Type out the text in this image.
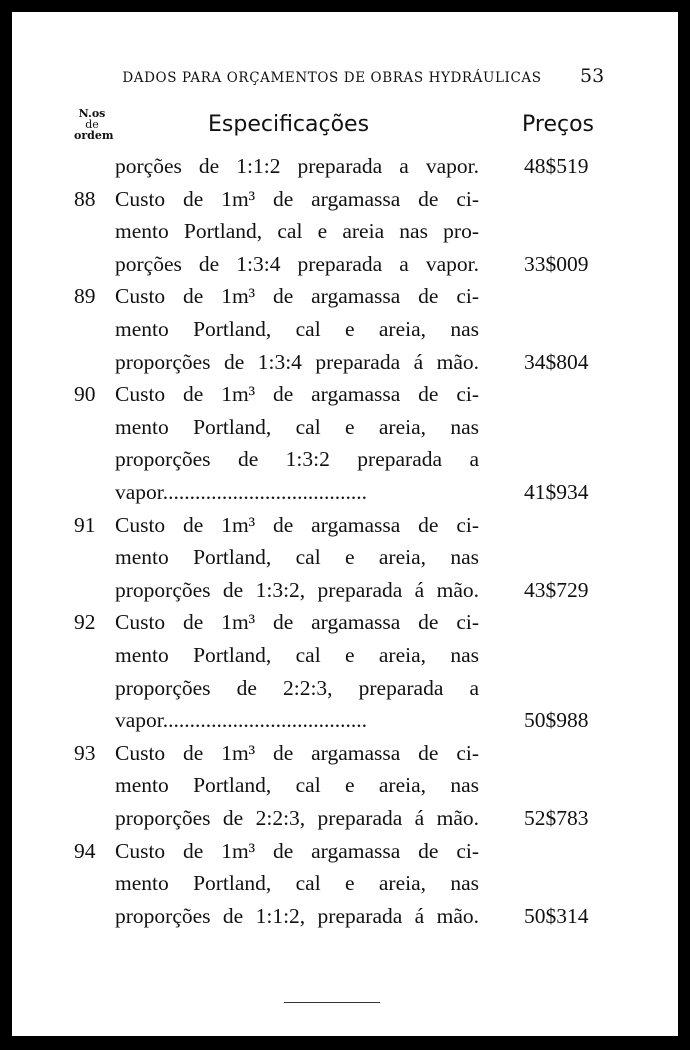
DADOS PARA ORÇAMENTOS DE OBRAS HYDRÁULICAS	53
N.os
de
ordem	Especificações	Preços
porções de 1:1:2 preparada a vapor. 48$519
88 Custo de 1m³ de argamassa de ci-
mento Portland, cal e areia nas pro-
porções de 1:3:4 preparada a vapor. 33$009
89 Custo de 1m³ de argamassa de ci-
mento Portland, cal e areia, nas
proporções de 1:3:4 preparada á mão. 34$804
90 Custo de 1m³ de argamassa de ci-
mento Portland, cal e areia, nas
proporções de 1:3:2 preparada a
vapor......................................	41$934
91 Custo de 1m³ de argamassa de ci-
mento Portland, cal e areia, nas
proporções de 1:3:2, preparada á mão. 43$729
92 Custo de 1m³ de argamassa de ci-
mento Portland, cal e areia, nas
proporções de 2:2:3, preparada a
vapor......................................	50$988
93 Custo de 1m³ de argamassa de ci-
mento Portland, cal e areia, nas
proporções de 2:2:3, preparada á mão. 52$783
94 Custo de 1m³ de argamassa de ci-
mento Portland, cal e areia, nas
proporções de 1:1:2, preparada á mão. 50$314
